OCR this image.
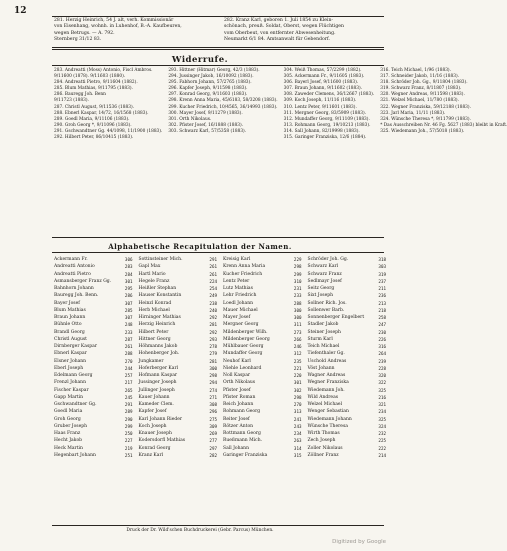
12
281. Herzig Heinrich, 54 J. alt, verh. Kommissionär
von Eisenhang, wohnh. in Luhenhof, B.-A. Kaufbeuren,
wegen Betrugs. — A. 792.
Sternberg 31/12 83.
282. Kranz Karl, geboren 1. Juli 1854 zu Klein-
schönach, preuß. Soldat, Oberst, wegen Flüchtigen
vom Oberbeut, von entfernter Abwesenheitung.
Neumarkt 6/1 84. Amtsanwalt für Gebendorf.
Widerrufe.
283. Andreatti (Moss) Antonio, Fiscl Ambros.
9/11600 (1878). 9/11603 (1880).
284. Andreatti Pietro, 9/11604 (1882).
285. Blum Mathias, 9/11795 (1883).
286. Bauregg Joh. Benn
9/11723 (1883).
287. Christl August, 9/11536 (1883).
288. Ebnerl Kaspar, 14/72, 16/1568 (1883).
289. Goedl Maria, 9/11106 (1883).
290. Groh Georg *, 9/11096 (1883).
291. Gschwandtner Gg. 44/1098, 11/1900 (1883).
292. Hilbert Peter, 86/10415 (1883).
293. Hittner (Hitmar) Georg, 42/3 (1883).
294. Jussinger Jakob, 16/10092 (1883).
295. Fabhorn Johann, 57/2765 (1883).
296. Kapfer Joseph, 9/11598 (1883).
297. Konrad Georg, 9/11603 (1883).
298. Krenn Anna Maria, 45/6183, 58/3208 (1883).
299. Kucher Friedrich, 10/4565, 36/14993 (1883).
300. Mayer Josef, 9/11279 (1883).
301. Orth Nikolaus.
302. Pfister Josef, 16/1888 (1883).
303. Schwarz Karl, 57/5358 (1883).
304. Weiß Thomas, 57/2299 (1882).
305. Ackermann Fr., 9/11605 (1883).
306. Bayerl Josef, 9/11600 (1883).
307. Braun Johann, 9/11602 (1883).
308. Zaweder Clemens, 36/12667 (1883).
309. Koch Joseph, 11/116 (1883).
310. Lentz Peter, 9/11601 (1883).
311. Mergner Georg, 83/5909 (1883).
312. Mundaffer Georg, 9/11109 (1883).
313. Rohmann Georg, 19/10213 (1883).
314. Sall Johann, 82/19998 (1883).
315. Garinger Franziska, 12/6 (1884).
316. Teich Michael, 1/96 (1883).
317. Schneider Jakob, 11/16 (1883).
318. Schröder Joh. Gg., 9/11804 (1883).
319. Schwarz Franz, 8/11807 (1883).
320. Wegner Andreas, 9/11598 (1883).
321. Welzel Michael, 11/780 (1883).
322. Wegner Franziska, 59/12188 (1883).
323. Jarl Maria, 11/11 (1883).
324. Wünsche Theresa *, 9/11799 (1883).
* Das Ausschreiben Nr. 46 Fg. 5627 (1883) bleibt in Kraft.
325. Wiedemann Joh., 57/5018 (1883).
Alphabetische Recapitulation der Namen.
Ackermann Fr.	306
Andreatti Antonio	283
Andreatti Pietro	284
Asmansberger Franz Gg.	301
Bahnhorn Johann	295
Bauregg Joh. Benn.	286
Bayer Josef	307
Blum Mathias	285
Braun Johann	307
Bühnle Otto	248
Brandl Georg	233
Christl August	287
Dirnberger Kaspar	261
Ebnerl Kaspar	288
Elsner Johann	270
Eberl Joseph	244
Edelmann Georg	257
Frenzl Johann	217
Fischer Kaspar	265
Gapp Martin	245
Gschwandtner Gg.	291
Goedl Maria	289
Groh Georg	290
Gruber Joseph	299
Haas Franz	250
Hecht Jakob	227
Heck Martin	219
Hegenbart Johann	251
Sottinsteiner Mich.	291
Gapl Max	261
Hartl Mario	261
Hegele Franz	224
Heißler Stephan	254
Hauser Konstantin	249
Heinzl Konrad	238
Herb Michael	240
Hirninger Mathias	292
Herzig Heinrich	281
Hilbert Peter	292
Hittner Georg	293
Höhmanns Jakob	278
Hohenberger Joh.	279
Jungkamer	281
Hoferberger Karl	300
Hofmann Kaspar	298
Jussinger Joseph	294
Jullinger Joseph	274
Kauer Johann	271
Kameder Clem.	308
Kapfer Josef	296
Karl Johann Rieder	275
Koch Joseph	309
Knauer Joseph	269
Kodersdorfl Mathias	277
Konrad Georg	297
Kranz Karl	282
Kreisig Karl	229
Krenn Anna Maria	298
Kucher Friedrich	299
Lentz Peter	310
Lutz Mathias	231
Lehr Friedrich	233
Loedl Johann	288
Mauer Michael	300
Mayer Josef	300
Mergner Georg	311
Mildenberger Wilh.	273
Mildenberger Georg	266
Mühlbauer Georg	246
Mundaffer Georg	312
Neuhof Karl	235
Niehle Leonhard	221
Noll Kaspar	220
Orth Nikolaus	301
Pfister Josef	302
Pfister Roman	298
Reich Johann	270
Rohmann Georg	313
Reiter Josef	241
Rötzer Anton	243
Rottmann Georg	234
Rueßmann Mich.	263
Sall Johann	314
Garinger Franziska	315
Schröder Joh. Gg.	318
Schwarz Karl	303
Schwarz Franz	319
Sedlmayr Josef	237
Seitz Georg	211
Sixt Joseph	236
Sollner Rich. Jos.	213
Sollenwer Barb.	218
Sonnenberger Engelbert	258
Stadler Jakob	247
Steiner Joseph	230
Sturm Karl	226
Teich Michael	316
Tiefenthaler Gg.	264
Uschold Andreas	239
Vöst Johann	228
Wagner Andreas	320
Wegner Franziska	322
Wiedemann Joh.	325
Wild Andreas	216
Welzel Michael	321
Wenger Sebastian	234
Wiedemann Johann	325
Wünsche Theresa	324
Wirth Thomas	232
Zech Joseph	225
Zoller Nikolaus	222
Zöllner Franz	214
Druck der Dr. Wild'schen Buchdruckerei (Gebr. Parcus) München.
Digitized by Google
